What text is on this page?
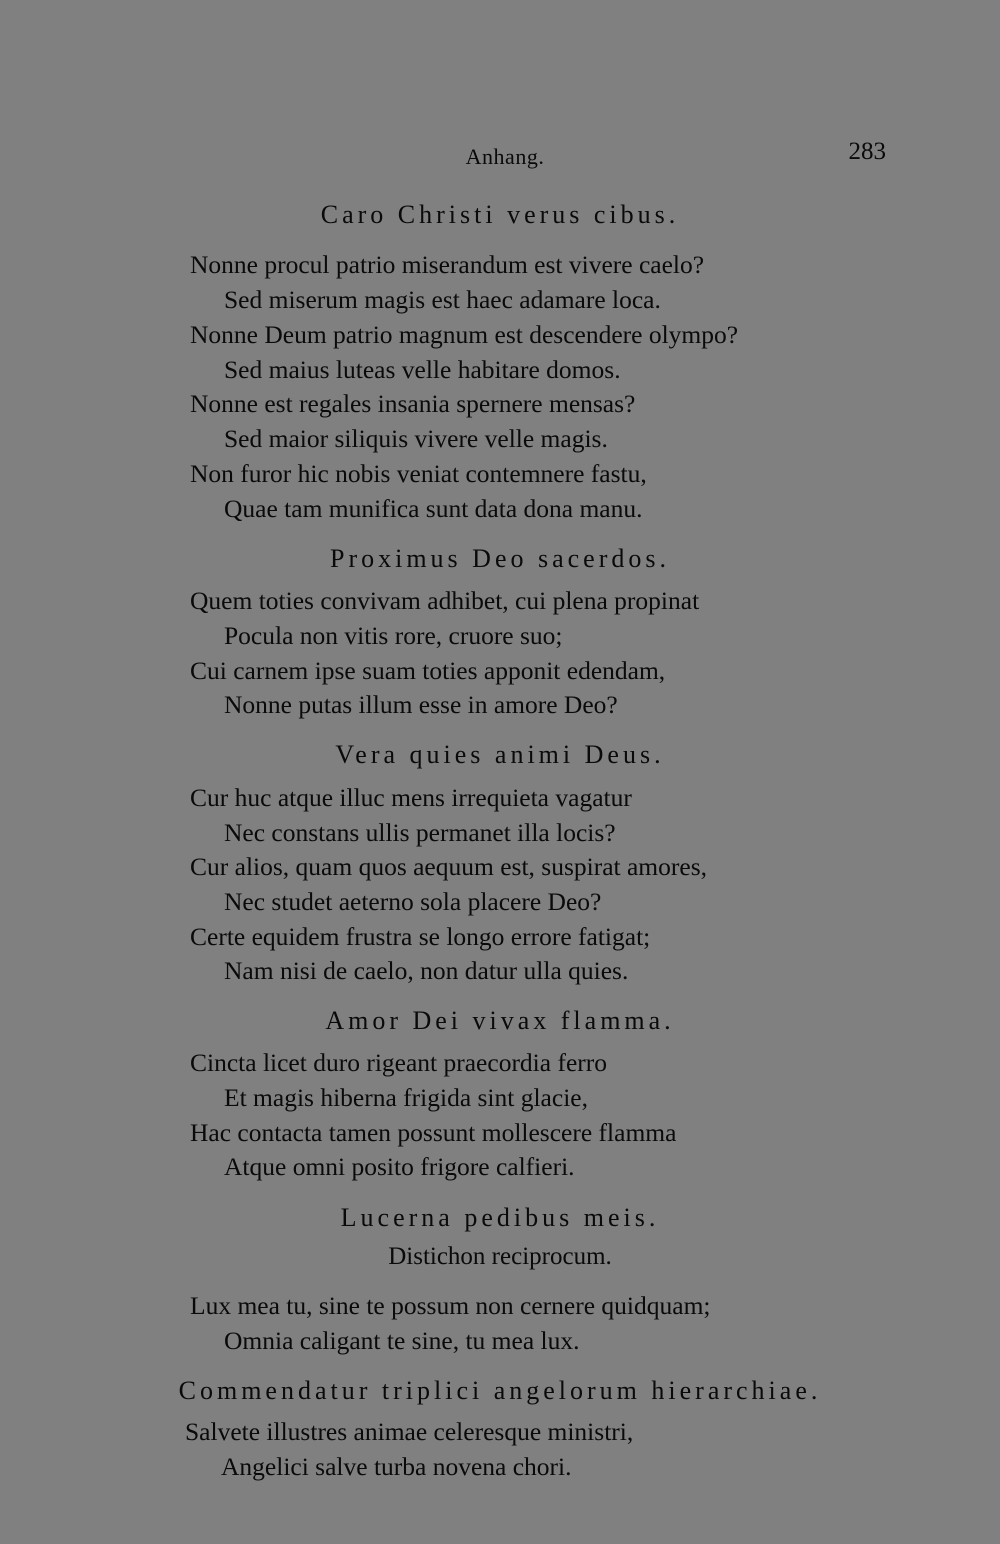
Anhang.	283
Caro Christi verus cibus.
Nonne procul patrio miserandum est vivere caelo?
Sed miserum magis est haec adamare loca.
Nonne Deum patrio magnum est descendere olympo?
Sed maius luteas velle habitare domos.
Nonne est regales insania spernere mensas?
Sed maior siliquis vivere velle magis.
Non furor hic nobis veniat contemnere fastu,
Quae tam munifica sunt data dona manu.
Proximus Deo sacerdos.
Quem toties convivam adhibet, cui plena propinat
Pocula non vitis rore, cruore suo;
Cui carnem ipse suam toties apponit edendam,
Nonne putas illum esse in amore Deo?
Vera quies animi Deus.
Cur huc atque illuc mens irrequieta vagatur
Nec constans ullis permanet illa locis?
Cur alios, quam quos aequum est, suspirat amores,
Nec studet aeterno sola placere Deo?
Certe equidem frustra se longo errore fatigat;
Nam nisi de caelo, non datur ulla quies.
Amor Dei vivax flamma.
Cincta licet duro rigeant praecordia ferro
Et magis hiberna frigida sint glacie,
Hac contacta tamen possunt mollescere flamma
Atque omni posito frigore calfieri.
Lucerna pedibus meis.
Distichon reciprocum.
Lux mea tu, sine te possum non cernere quidquam;
Omnia caligant te sine, tu mea lux.
Commendatur triplici angelorum hierarchiae.
Salvete illustres animae celeresque ministri,
Angelici salve turba novena chori.
